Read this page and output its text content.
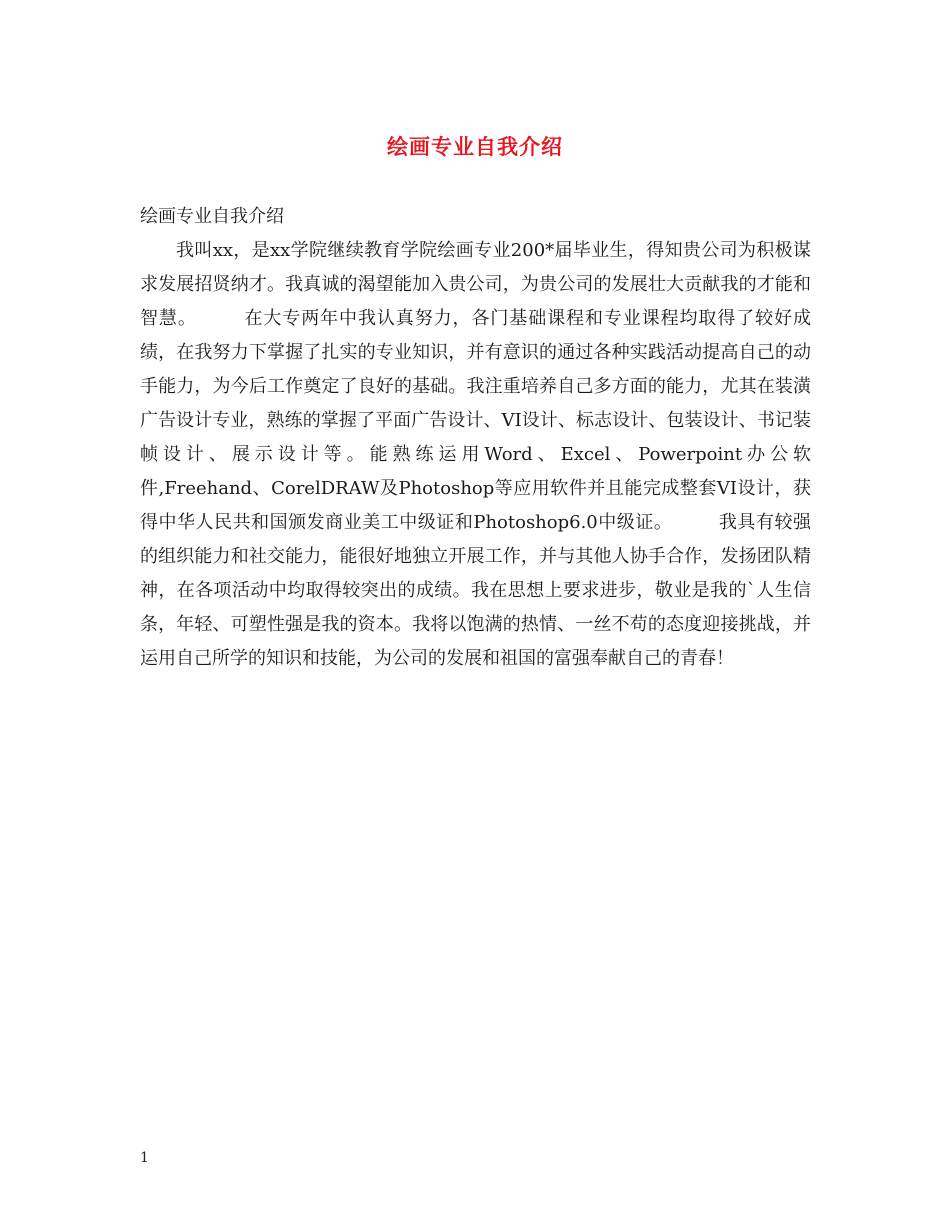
绘画专业自我介绍

绘画专业自我介绍

我叫xx，是xx学院继续教育学院绘画专业200*届毕业生，得知贵公司为积极谋求发展招贤纳才。我真诚的渴望能加入贵公司，为贵公司的发展壮大贡献我的才能和智慧。　　　在大专两年中我认真努力，各门基础课程和专业课程均取得了较好成绩，在我努力下掌握了扎实的专业知识，并有意识的通过各种实践活动提高自己的动手能力，为今后工作奠定了良好的基础。我注重培养自己多方面的能力，尤其在装潢广告设计专业，熟练的掌握了平面广告设计、VI设计、标志设计、包装设计、书记装帧设计、展示设计等。能熟练运用Word、Excel、Powerpoint办公软件,Freehand、CorelDRAW及Photoshop等应用软件并且能完成整套VI设计，获得中华人民共和国颁发商业美工中级证和Photoshop6.0中级证。　　　我具有较强的组织能力和社交能力，能很好地独立开展工作，并与其他人协手合作，发扬团队精神，在各项活动中均取得较突出的成绩。我在思想上要求进步，敬业是我的`人生信条，年轻、可塑性强是我的资本。我将以饱满的热情、一丝不苟的态度迎接挑战，并运用自己所学的知识和技能，为公司的发展和祖国的富强奉献自己的青春！

1
